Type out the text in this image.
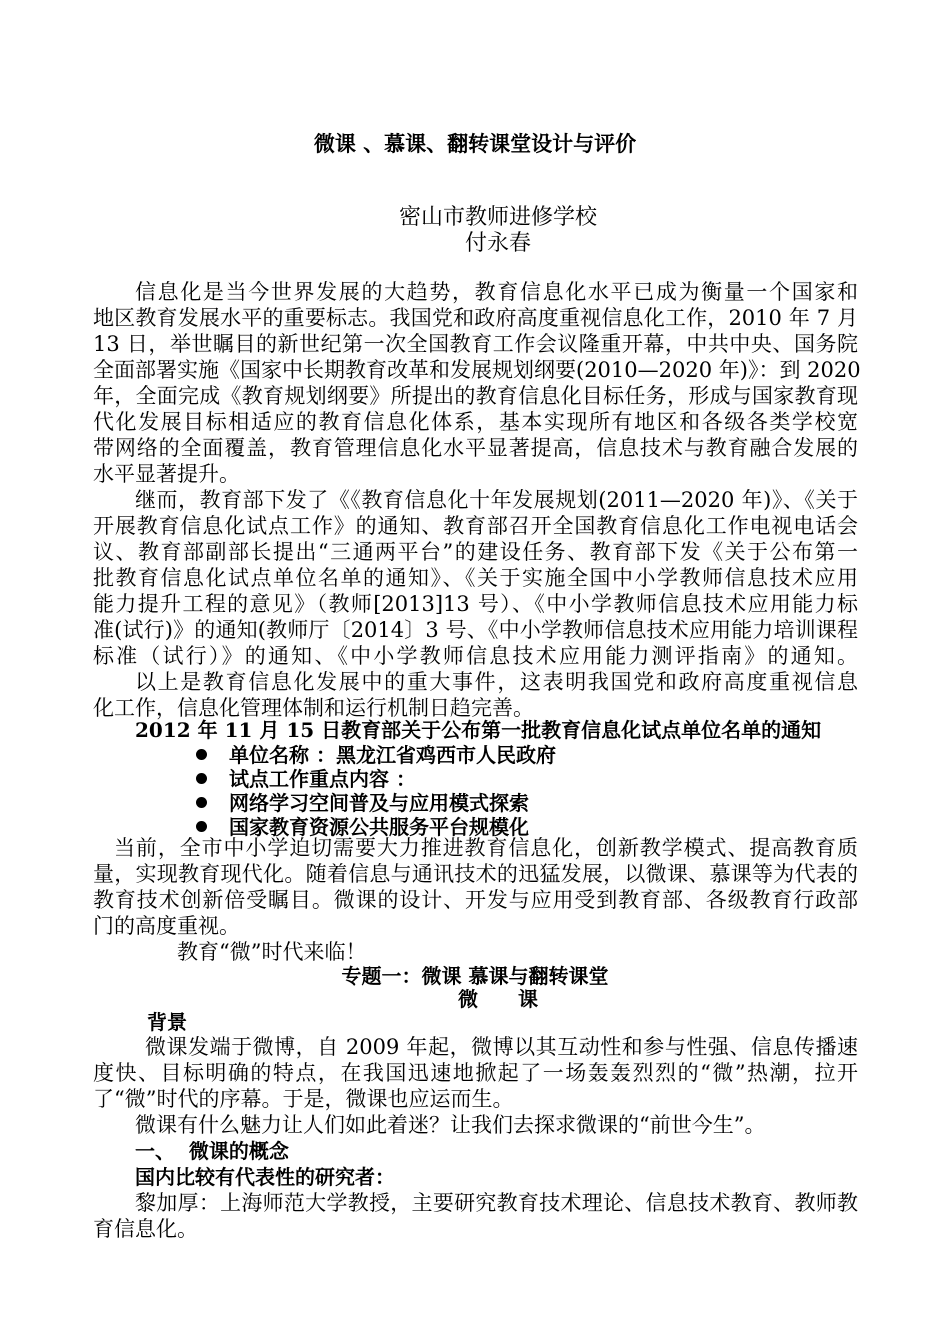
微课 、慕课、翻转课堂设计与评价
密山市教师进修学校
付永春
信息化是当今世界发展的大趋势，教育信息化水平已成为衡量一个国家和
地区教育发展水平的重要标志。我国党和政府高度重视信息化工作，2010 年 7 月
13 日，举世瞩目的新世纪第一次全国教育工作会议隆重开幕，中共中央、国务院
全面部署实施《国家中长期教育改革和发展规划纲要(2010—2020 年)》：到 2020
年，全面完成《教育规划纲要》所提出的教育信息化目标任务，形成与国家教育现
代化发展目标相适应的教育信息化体系，基本实现所有地区和各级各类学校宽
带网络的全面覆盖，教育管理信息化水平显著提高，信息技术与教育融合发展的
水平显著提升。
继而，教育部下发了《《教育信息化十年发展规划(2011—2020 年)》、《关于
开展教育信息化试点工作》的通知、教育部召开全国教育信息化工作电视电话会
议、教育部副部长提出“三通两平台”的建设任务、教育部下发《关于公布第一
批教育信息化试点单位名单的通知》、《关于实施全国中小学教师信息技术应用
能力提升工程的意见》（教师[2013]13 号）、《中小学教师信息技术应用能力标
准(试行)》的通知(教师厅〔2014〕3 号、《中小学教师信息技术应用能力培训课程
标准（试行）》的通知、《中小学教师信息技术应用能力测评指南》的通知。
以上是教育信息化发展中的重大事件，这表明我国党和政府高度重视信息
化工作，信息化管理体制和运行机制日趋完善。
2012 年 11 月 15 日教育部关于公布第一批教育信息化试点单位名单的通知
单位名称 ：黑龙江省鸡西市人民政府
试点工作重点内容 ：
网络学习空间普及与应用模式探索
国家教育资源公共服务平台规模化
当前，全市中小学迫切需要大力推进教育信息化，创新教学模式、提高教育质
量，实现教育现代化。随着信息与通讯技术的迅猛发展，以微课、慕课等为代表的
教育技术创新倍受瞩目。微课的设计、开发与应用受到教育部、各级教育行政部
门的高度重视。
教育“微”时代来临！
专题一：微课 慕课与翻转课堂
微　　课
背景
微课发端于微博，自 2009 年起，微博以其互动性和参与性强、信息传播速
度快、目标明确的特点，在我国迅速地掀起了一场轰轰烈烈的“微”热潮，拉开
了“微”时代的序幕。于是，微课也应运而生。
微课有什么魅力让人们如此着迷？让我们去探求微课的“前世今生”。
一、  微课的概念
国内比较有代表性的研究者：
黎加厚：上海师范大学教授，主要研究教育技术理论、信息技术教育、教师教
育信息化。
